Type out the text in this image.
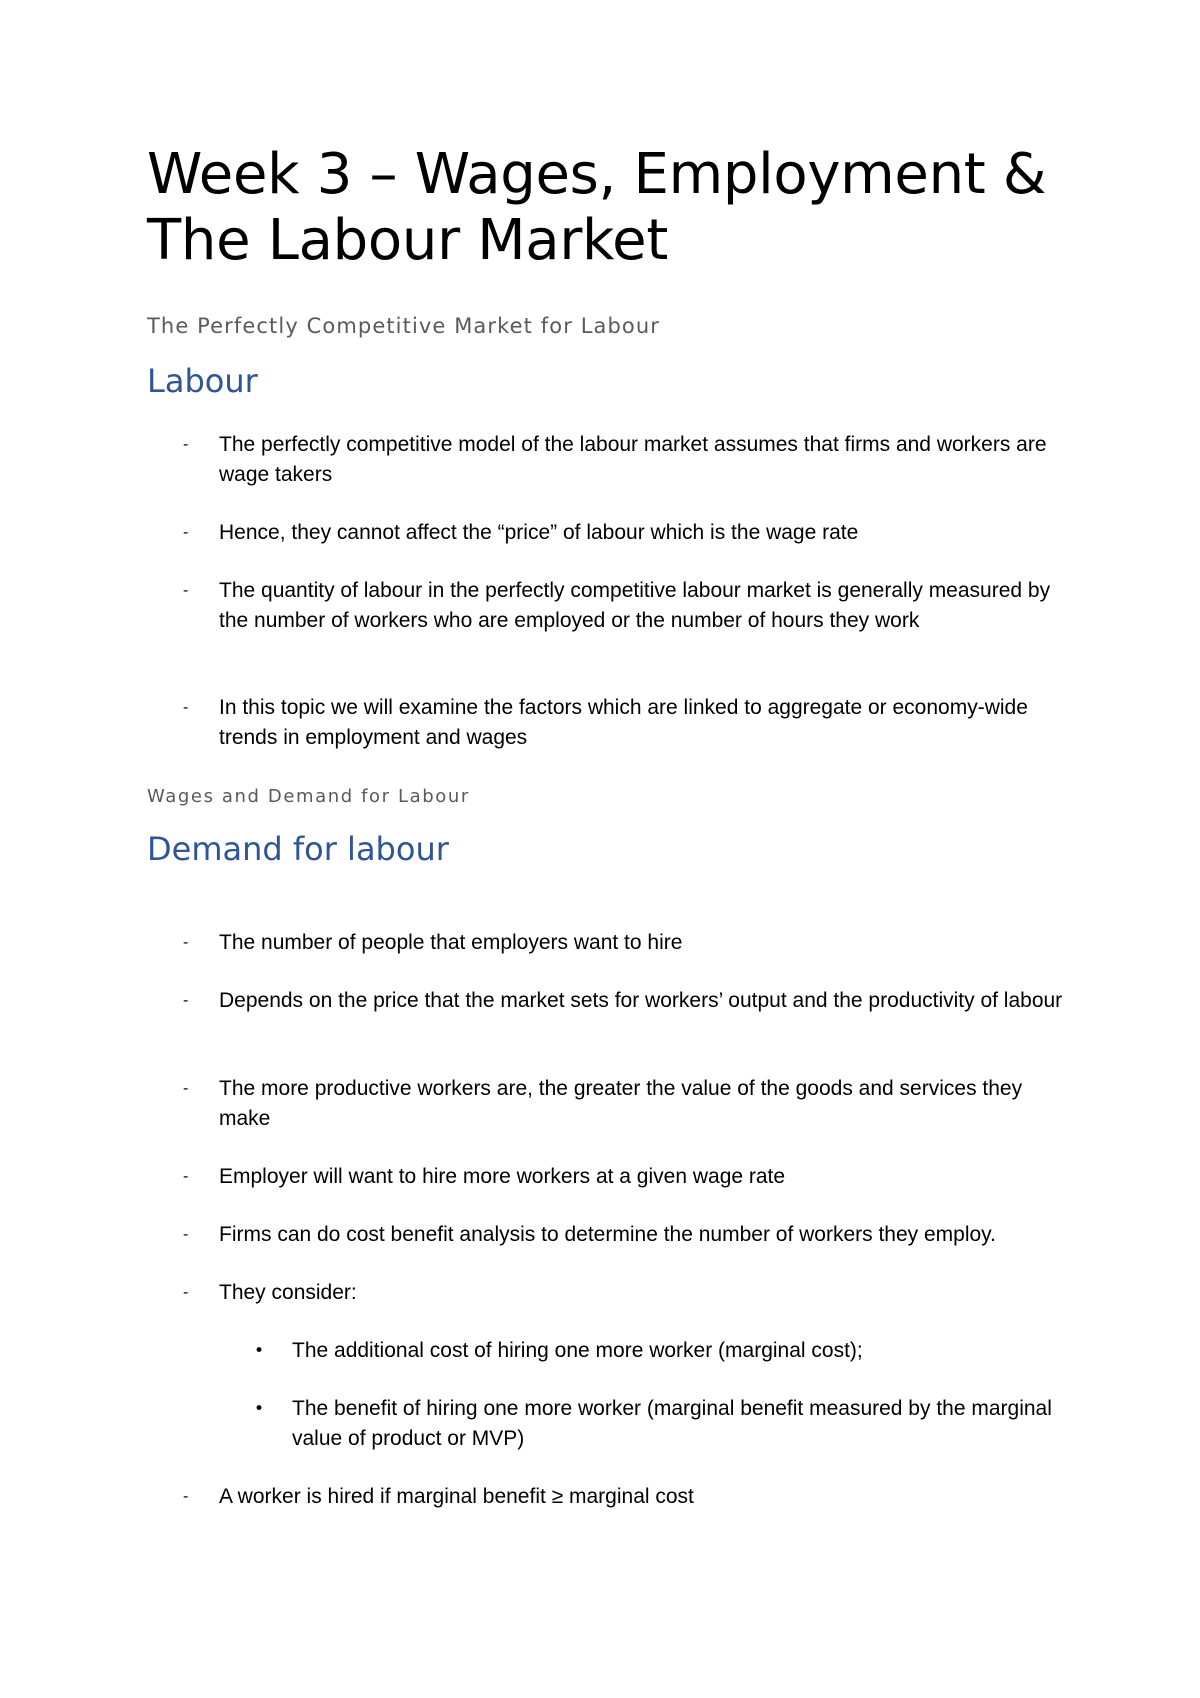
Week 3 – Wages, Employment & The Labour Market

The Perfectly Competitive Market for Labour

Labour
- The perfectly competitive model of the labour market assumes that firms and workers are wage takers
- Hence, they cannot affect the “price” of labour which is the wage rate
- The quantity of labour in the perfectly competitive labour market is generally measured by the number of workers who are employed or the number of hours they work
- In this topic we will examine the factors which are linked to aggregate or economy-wide trends in employment and wages

Wages and Demand for Labour

Demand for labour
- The number of people that employers want to hire
- Depends on the price that the market sets for workers’ output and the productivity of labour
- The more productive workers are, the greater the value of the goods and services they make
- Employer will want to hire more workers at a given wage rate
- Firms can do cost benefit analysis to determine the number of workers they employ.
- They consider:
• The additional cost of hiring one more worker (marginal cost);
• The benefit of hiring one more worker (marginal benefit measured by the marginal value of product or MVP)
- A worker is hired if marginal benefit ≥ marginal cost
